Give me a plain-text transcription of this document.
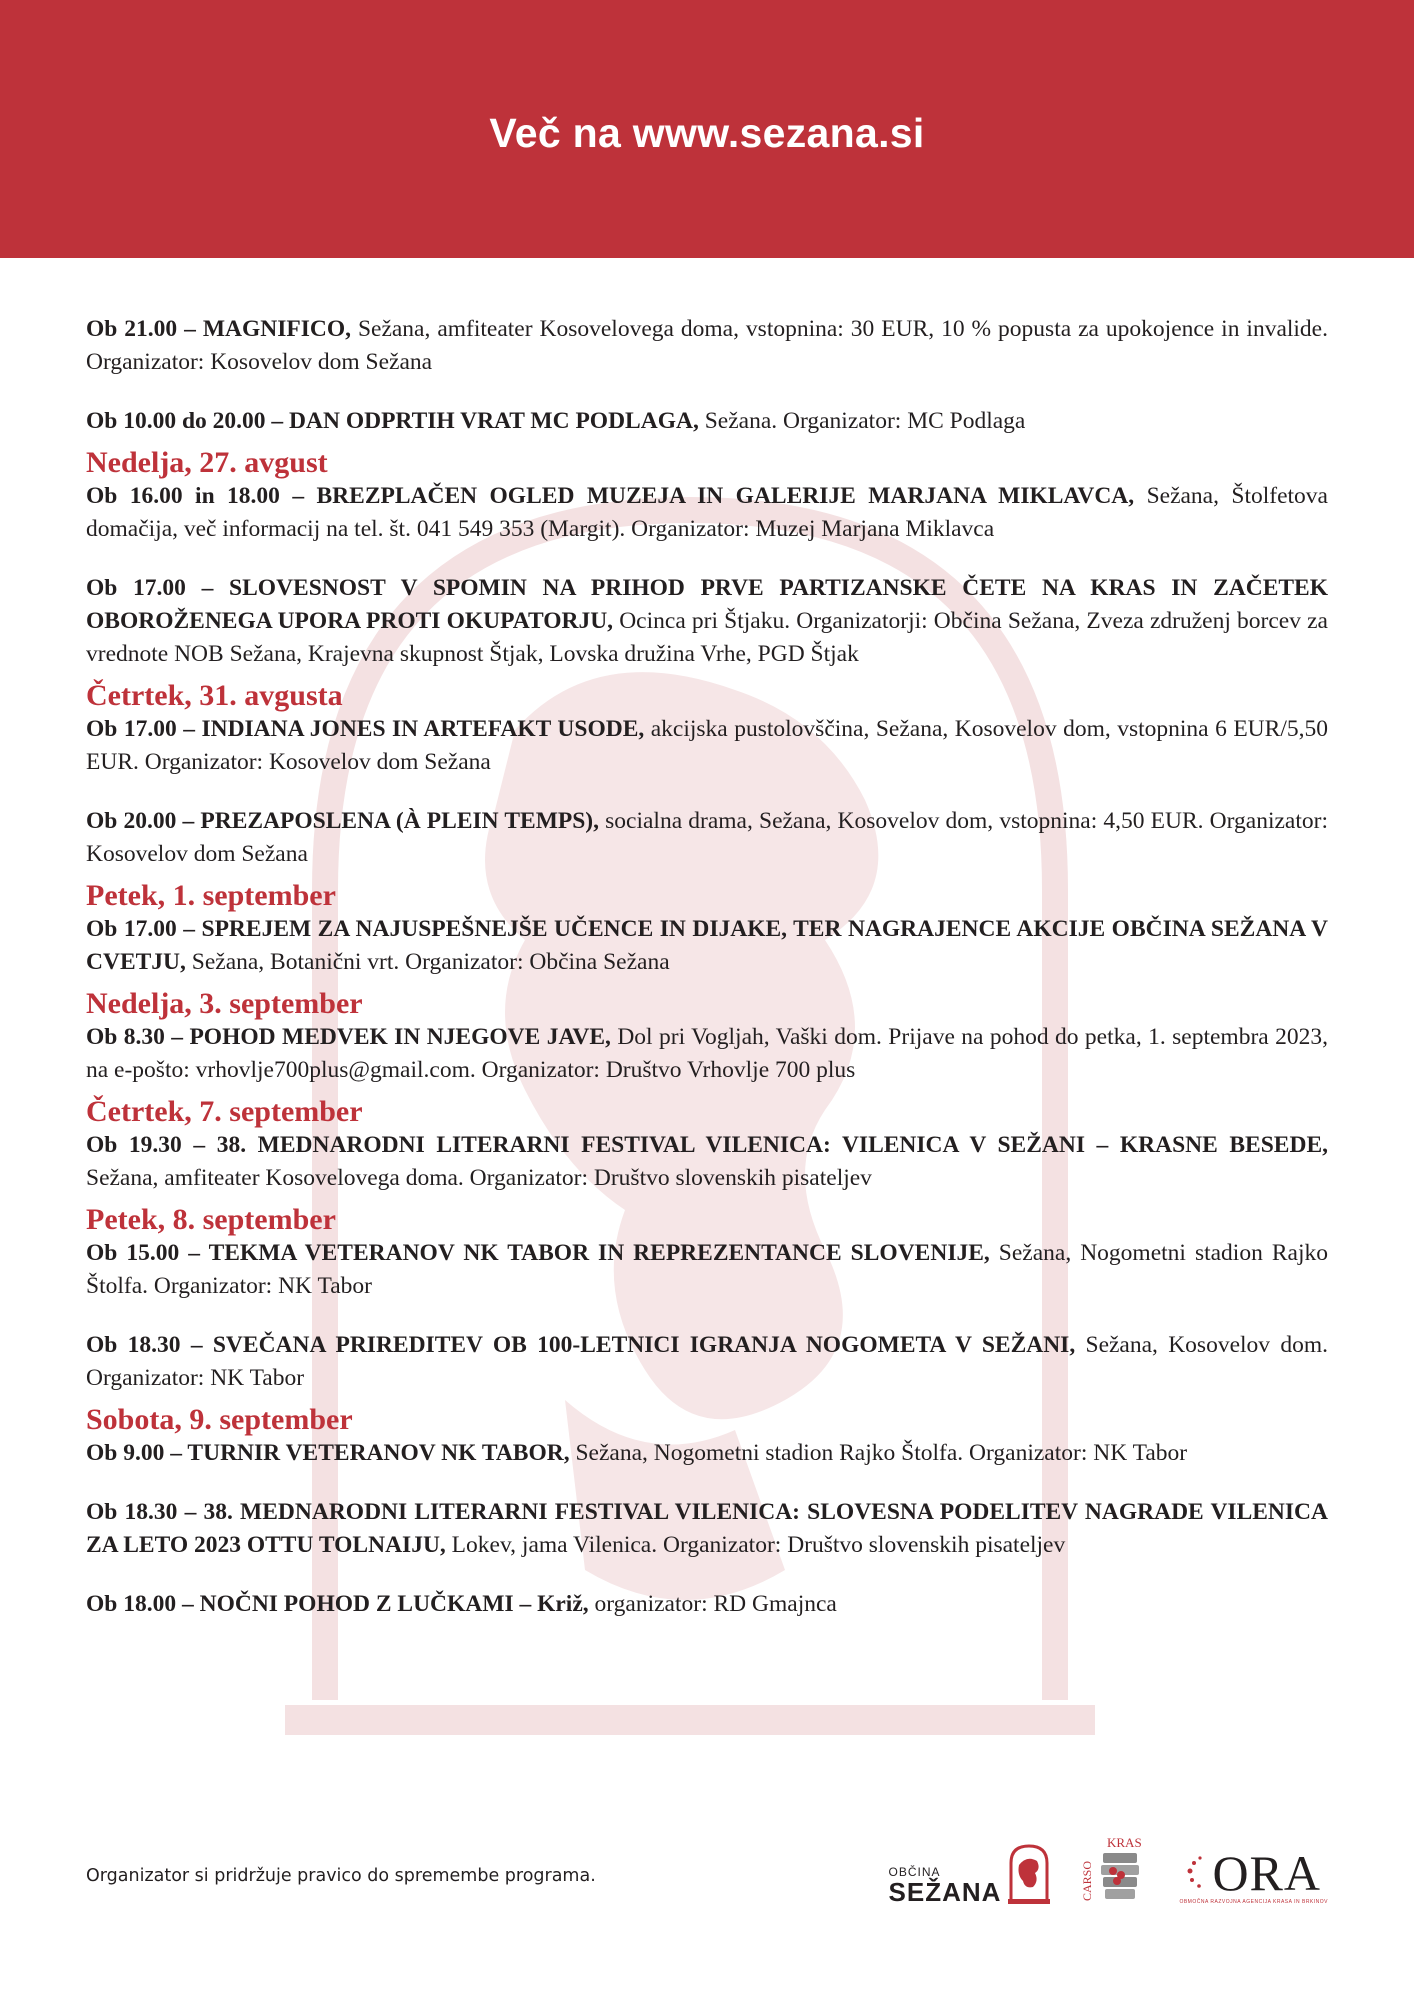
Več na www.sezana.si

Ob 21.00 – MAGNIFICO, Sežana, amfiteater Kosovelovega doma, vstopnina: 30 EUR, 10 % popusta za upokojence in invalide. Organizator: Kosovelov dom Sežana

Ob 10.00 do 20.00 – DAN ODPRTIH VRAT MC PODLAGA, Sežana. Organizator: MC Podlaga

Nedelja, 27. avgust

Ob 16.00 in 18.00 – BREZPLAČEN OGLED MUZEJA IN GALERIJE MARJANA MIKLAVCA, Sežana, Štolfetova domačija, več informacij na tel. št. 041 549 353 (Margit). Organizator: Muzej Marjana Miklavca

Ob 17.00 – SLOVESNOST V SPOMIN NA PRIHOD PRVE PARTIZANSKE ČETE NA KRAS IN ZAČETEK OBOROŽENEGA UPORA PROTI OKUPATORJU, Ocinca pri Štjaku. Organizatorji: Občina Sežana, Zveza združenj borcev za vrednote NOB Sežana, Krajevna skupnost Štjak, Lovska družina Vrhe, PGD Štjak

Četrtek, 31. avgusta

Ob 17.00 – INDIANA JONES IN ARTEFAKT USODE, akcijska pustolovščina, Sežana, Kosovelov dom, vstopnina 6 EUR/5,50 EUR. Organizator: Kosovelov dom Sežana

Ob 20.00 – PREZAPOSLENA (À PLEIN TEMPS), socialna drama, Sežana, Kosovelov dom, vstopnina: 4,50 EUR. Organizator: Kosovelov dom Sežana

Petek, 1. september

Ob 17.00 – SPREJEM ZA NAJUSPEŠNEJŠE UČENCE IN DIJAKE, TER NAGRAJENCE AKCIJE OBČINA SEŽANA V CVETJU, Sežana, Botanični vrt. Organizator: Občina Sežana

Nedelja, 3. september

Ob 8.30 – POHOD MEDVEK IN NJEGOVE JAVE, Dol pri Vogljah, Vaški dom. Prijave na pohod do petka, 1. septembra 2023, na e-pošto: vrhovlje700plus@gmail.com. Organizator: Društvo Vrhovlje 700 plus

Četrtek, 7. september

Ob 19.30 – 38. MEDNARODNI LITERARNI FESTIVAL VILENICA: VILENICA V SEŽANI – KRASNE BESEDE, Sežana, amfiteater Kosovelovega doma. Organizator: Društvo slovenskih pisateljev

Petek, 8. september

Ob 15.00 – TEKMA VETERANOV NK TABOR IN REPREZENTANCE SLOVENIJE, Sežana, Nogometni stadion Rajko Štolfa. Organizator: NK Tabor

Ob 18.30 – SVEČANA PRIREDITEV OB 100-LETNICI IGRANJA NOGOMETA V SEŽANI, Sežana, Kosovelov dom. Organizator: NK Tabor

Sobota, 9. september

Ob 9.00 – TURNIR VETERANOV NK TABOR, Sežana, Nogometni stadion Rajko Štolfa. Organizator: NK Tabor

Ob 18.30 – 38. MEDNARODNI LITERARNI FESTIVAL VILENICA: SLOVESNA PODELITEV NAGRADE VILENICA ZA LETO 2023 OTTU TOLNAIJU, Lokev, jama Vilenica. Organizator: Društvo slovenskih pisateljev

Ob 18.00 – NOČNI POHOD Z LUČKAMI – Križ, organizator: RD Gmajnca

Organizator si pridržuje pravico do spremembe programa.	OBČINA
SEŽANA
KRAS
CARSO ORA
OBMOČNA RAZVOJNA AGENCIJA KRASA IN BRKINOV
